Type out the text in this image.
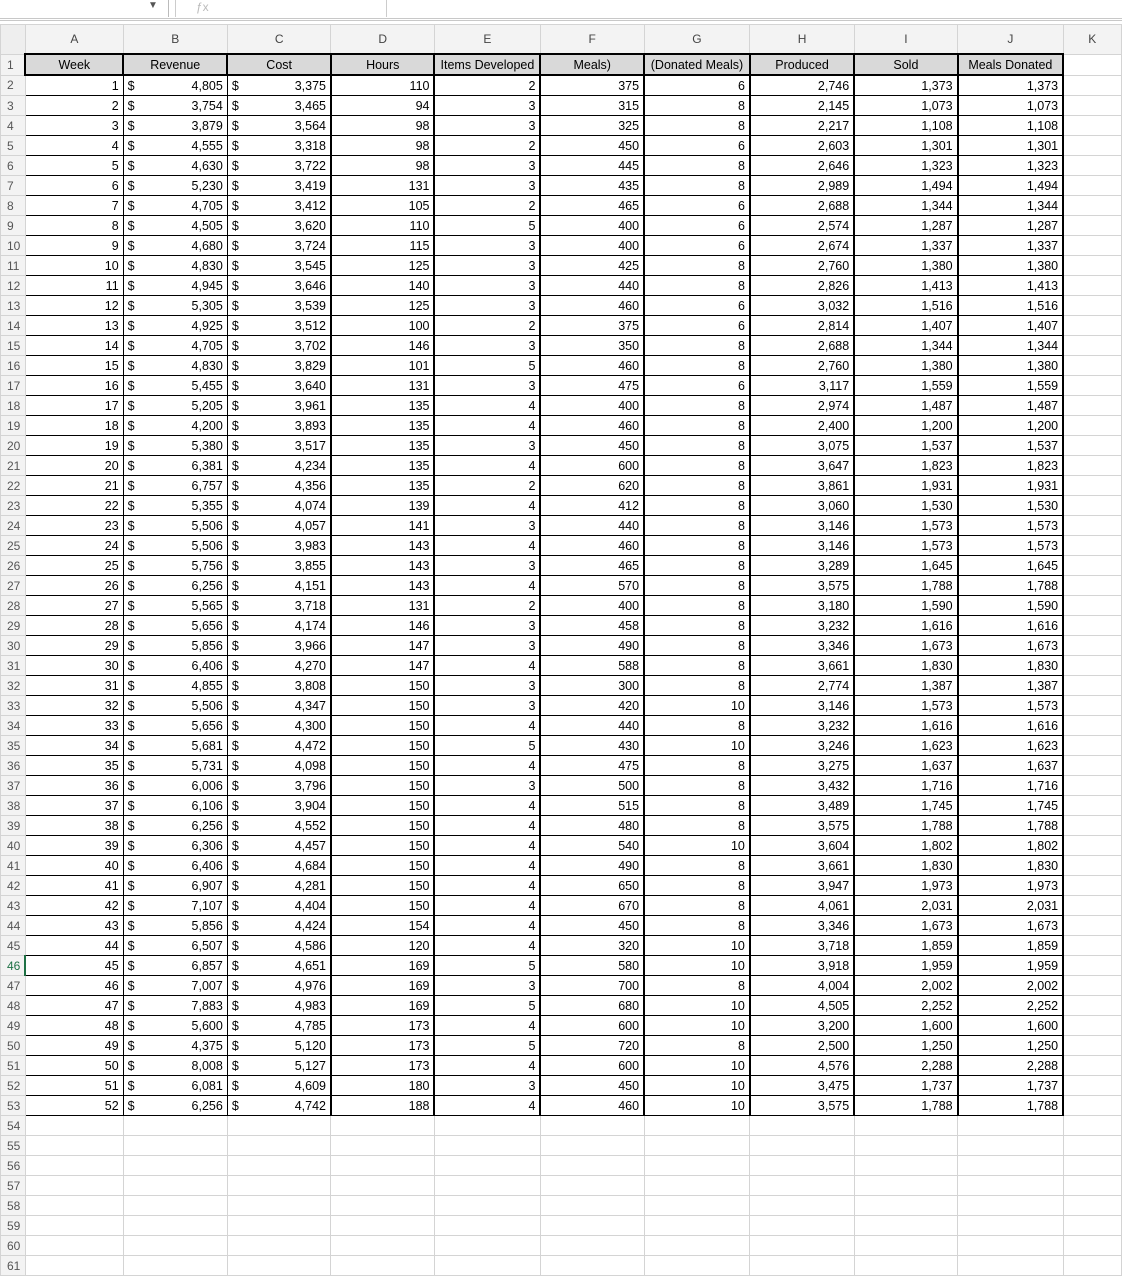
▼	ƒx
	A	B	C	D	E	F	G	H	I	J	K
1	Week	Revenue	Cost	Hours	Items Developed	Meals)	(Donated Meals)	Produced	Sold	Meals Donated	
2	1	$ 4,805	$ 3,375	110	2	375	6	2,746	1,373	1,373	
3	2	$ 3,754	$ 3,465	94	3	315	8	2,145	1,073	1,073	
4	3	$ 3,879	$ 3,564	98	3	325	8	2,217	1,108	1,108	
5	4	$ 4,555	$ 3,318	98	2	450	6	2,603	1,301	1,301	
6	5	$ 4,630	$ 3,722	98	3	445	8	2,646	1,323	1,323	
7	6	$ 5,230	$ 3,419	131	3	435	8	2,989	1,494	1,494	
8	7	$ 4,705	$ 3,412	105	2	465	6	2,688	1,344	1,344	
9	8	$ 4,505	$ 3,620	110	5	400	6	2,574	1,287	1,287	
10	9	$ 4,680	$ 3,724	115	3	400	6	2,674	1,337	1,337	
11	10	$ 4,830	$ 3,545	125	3	425	8	2,760	1,380	1,380	
12	11	$ 4,945	$ 3,646	140	3	440	8	2,826	1,413	1,413	
13	12	$ 5,305	$ 3,539	125	3	460	6	3,032	1,516	1,516	
14	13	$ 4,925	$ 3,512	100	2	375	6	2,814	1,407	1,407	
15	14	$ 4,705	$ 3,702	146	3	350	8	2,688	1,344	1,344	
16	15	$ 4,830	$ 3,829	101	5	460	8	2,760	1,380	1,380	
17	16	$ 5,455	$ 3,640	131	3	475	6	3,117	1,559	1,559	
18	17	$ 5,205	$ 3,961	135	4	400	8	2,974	1,487	1,487	
19	18	$ 4,200	$ 3,893	135	4	460	8	2,400	1,200	1,200	
20	19	$ 5,380	$ 3,517	135	3	450	8	3,075	1,537	1,537	
21	20	$ 6,381	$ 4,234	135	4	600	8	3,647	1,823	1,823	
22	21	$ 6,757	$ 4,356	135	2	620	8	3,861	1,931	1,931	
23	22	$ 5,355	$ 4,074	139	4	412	8	3,060	1,530	1,530	
24	23	$ 5,506	$ 4,057	141	3	440	8	3,146	1,573	1,573	
25	24	$ 5,506	$ 3,983	143	4	460	8	3,146	1,573	1,573	
26	25	$ 5,756	$ 3,855	143	3	465	8	3,289	1,645	1,645	
27	26	$ 6,256	$ 4,151	143	4	570	8	3,575	1,788	1,788	
28	27	$ 5,565	$ 3,718	131	2	400	8	3,180	1,590	1,590	
29	28	$ 5,656	$ 4,174	146	3	458	8	3,232	1,616	1,616	
30	29	$ 5,856	$ 3,966	147	3	490	8	3,346	1,673	1,673	
31	30	$ 6,406	$ 4,270	147	4	588	8	3,661	1,830	1,830	
32	31	$ 4,855	$ 3,808	150	3	300	8	2,774	1,387	1,387	
33	32	$ 5,506	$ 4,347	150	3	420	10	3,146	1,573	1,573	
34	33	$ 5,656	$ 4,300	150	4	440	8	3,232	1,616	1,616	
35	34	$ 5,681	$ 4,472	150	5	430	10	3,246	1,623	1,623	
36	35	$ 5,731	$ 4,098	150	4	475	8	3,275	1,637	1,637	
37	36	$ 6,006	$ 3,796	150	3	500	8	3,432	1,716	1,716	
38	37	$ 6,106	$ 3,904	150	4	515	8	3,489	1,745	1,745	
39	38	$ 6,256	$ 4,552	150	4	480	8	3,575	1,788	1,788	
40	39	$ 6,306	$ 4,457	150	4	540	10	3,604	1,802	1,802	
41	40	$ 6,406	$ 4,684	150	4	490	8	3,661	1,830	1,830	
42	41	$ 6,907	$ 4,281	150	4	650	8	3,947	1,973	1,973	
43	42	$ 7,107	$ 4,404	150	4	670	8	4,061	2,031	2,031	
44	43	$ 5,856	$ 4,424	154	4	450	8	3,346	1,673	1,673	
45	44	$ 6,507	$ 4,586	120	4	320	10	3,718	1,859	1,859	
46	45	$ 6,857	$ 4,651	169	5	580	10	3,918	1,959	1,959	
47	46	$ 7,007	$ 4,976	169	3	700	8	4,004	2,002	2,002	
48	47	$ 7,883	$ 4,983	169	5	680	10	4,505	2,252	2,252	
49	48	$ 5,600	$ 4,785	173	4	600	10	3,200	1,600	1,600	
50	49	$ 4,375	$ 5,120	173	5	720	8	2,500	1,250	1,250	
51	50	$ 8,008	$ 5,127	173	4	600	10	4,576	2,288	2,288	
52	51	$ 6,081	$ 4,609	180	3	450	10	3,475	1,737	1,737	
53	52	$ 6,256	$ 4,742	188	4	460	10	3,575	1,788	1,788	
54											
55											
56											
57											
58											
59											
60											
61											
